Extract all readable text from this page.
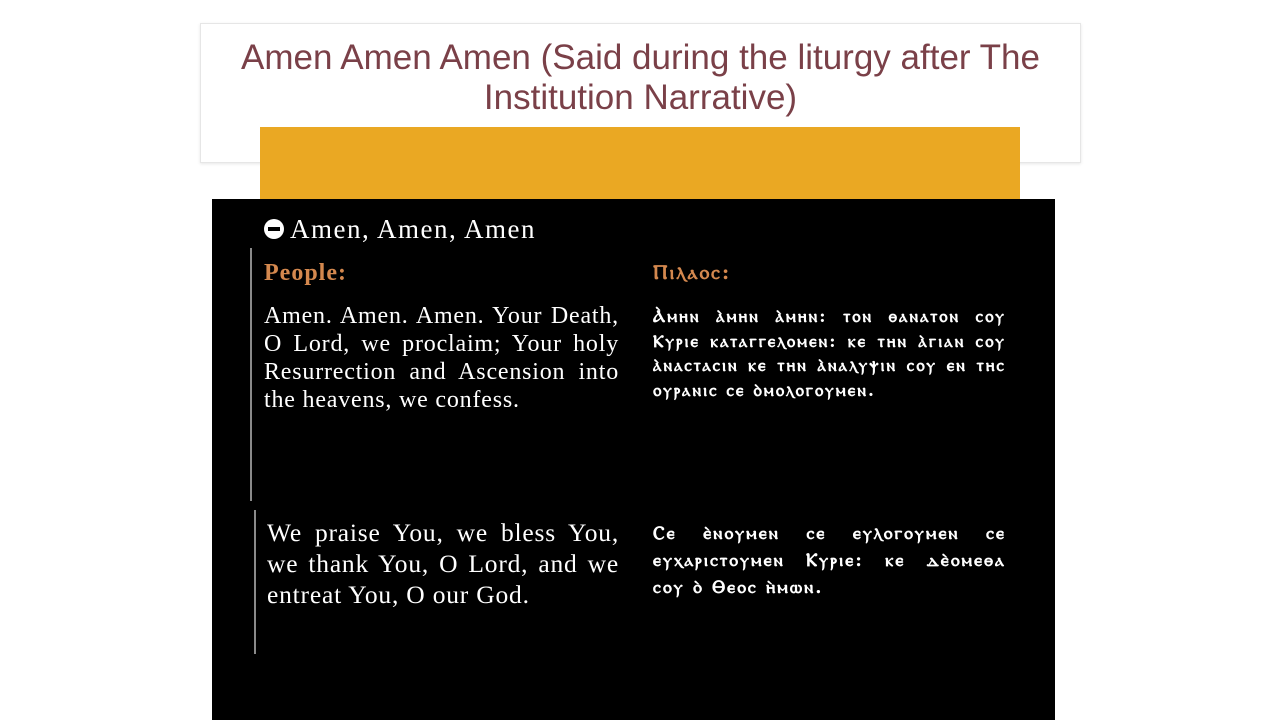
Amen Amen Amen (Said during the liturgy after The Institution Narrative)
Amen, Amen, Amen
People:	Ⲡⲓⲗⲁⲟⲥ:
Amen. Amen. Amen. Your Death, O Lord, we proclaim; Your holy Resurrection and Ascension into the heavens, we confess.
Ⲁ̀ⲙⲏⲛ ⲁ̀ⲙⲏⲛ ⲁ̀ⲙⲏⲛ: ⲧⲟⲛ ⲑⲁⲛⲁⲧⲟⲛ ⲥⲟⲩ Ⲕⲩⲣⲓⲉ ⲕⲁⲧⲁⲅⲅⲉⲗⲟⲙⲉⲛ: ⲕⲉ ⲧⲏⲛ ⲁ̀ⲅⲓⲁⲛ ⲥⲟⲩ ⲁ̀ⲛⲁⲥⲧⲁⲥⲓⲛ ⲕⲉ ⲧⲏⲛ ⲁ̀ⲛⲁⲗⲩⲯⲓⲛ ⲥⲟⲩ ⲉⲛ ⲧⲏⲥ ⲟⲩⲣⲁⲛⲓⲥ ⲥⲉ ⲟ̀ⲙⲟⲗⲟⲅⲟⲩⲙⲉⲛ.
We praise You, we bless You, we thank You, O Lord, and we entreat You, O our God.
Ⲥⲉ ⲉ̀ⲛⲟⲩⲙⲉⲛ ⲥⲉ ⲉⲩⲗⲟⲅⲟⲩⲙⲉⲛ ⲥⲉ ⲉⲩⲭⲁⲣⲓⲥⲧⲟⲩⲙⲉⲛ Ⲕⲩⲣⲓⲉ: ⲕⲉ ⲇⲉ̀ⲟⲙⲉⲑⲁ ⲥⲟⲩ ⲟ̀ Ⲑⲉⲟⲥ ⲏ̀ⲙⲱⲛ.
